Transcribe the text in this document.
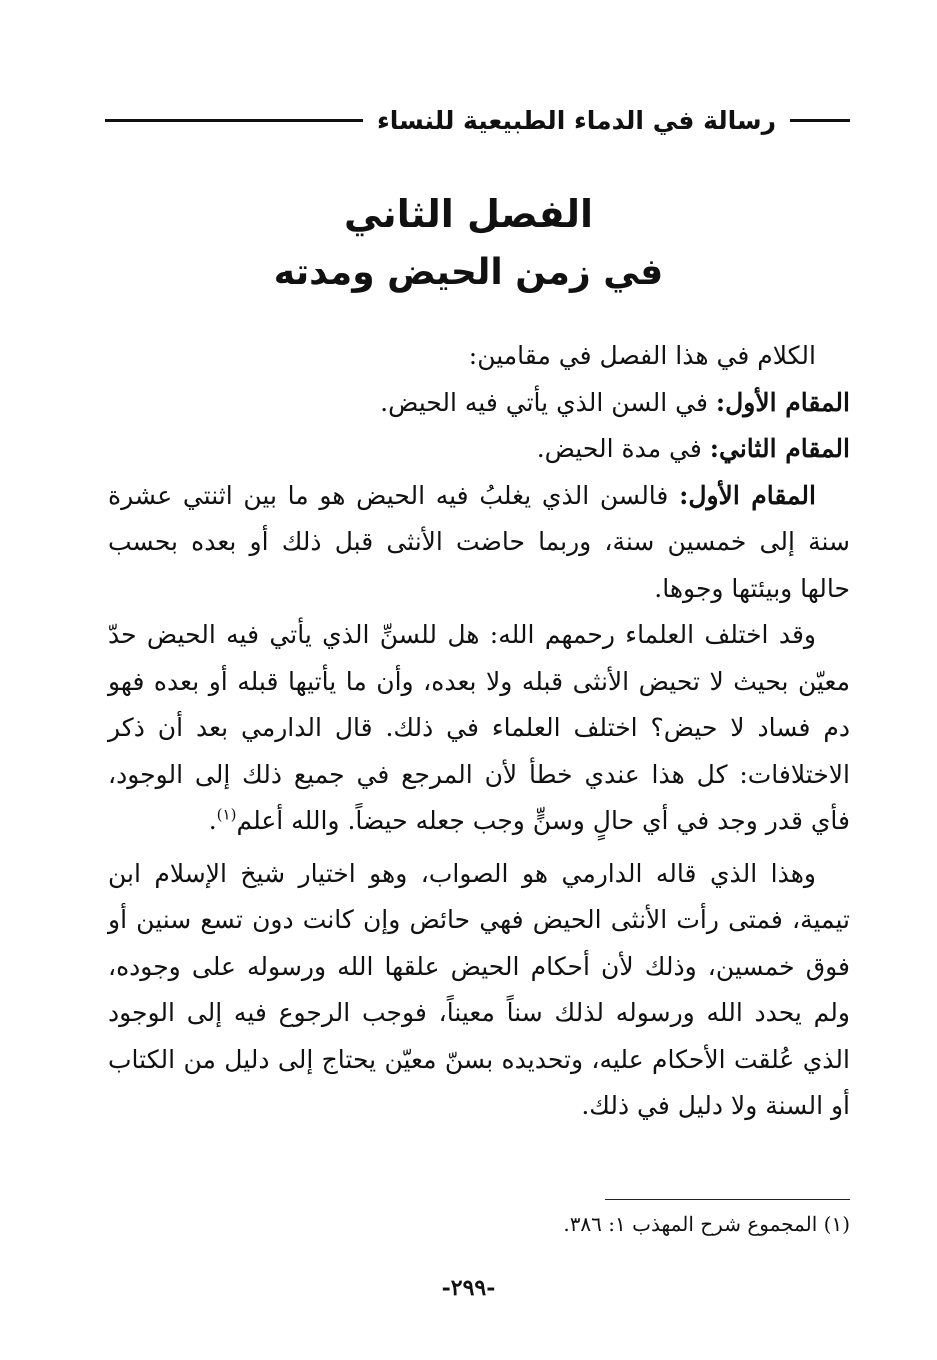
رسالة في الدماء الطبيعية للنساء
الفصل الثاني
في زمن الحيض ومدته

الكلام في هذا الفصل في مقامين:

المقام الأول: في السن الذي يأتي فيه الحيض.

المقام الثاني: في مدة الحيض.

المقام الأول: فالسن الذي يغلبُ فيه الحيض هو ما بين اثنتي عشرة سنة إلى خمسين سنة، وربما حاضت الأنثى قبل ذلك أو بعده بحسب حالها وبيئتها وجوها.

وقد اختلف العلماء رحمهم الله: هل للسنِّ الذي يأتي فيه الحيض حدّ معيّن بحيث لا تحيض الأنثى قبله ولا بعده، وأن ما يأتيها قبله أو بعده فهو دم فساد لا حيض؟ اختلف العلماء في ذلك. قال الدارمي بعد أن ذكر الاختلافات: كل هذا عندي خطأ لأن المرجع في جميع ذلك إلى الوجود، فأي قدر وجد في أي حالٍ وسنٍّ وجب جعله حيضاً. والله أعلم$^{(١)}$.

وهذا الذي قاله الدارمي هو الصواب، وهو اختيار شيخ الإسلام ابن تيمية، فمتى رأت الأنثى الحيض فهي حائض وإن كانت دون تسع سنين أو فوق خمسين، وذلك لأن أحكام الحيض علقها الله ورسوله على وجوده، ولم يحدد الله ورسوله لذلك سناً معيناً، فوجب الرجوع فيه إلى الوجود الذي عُلقت الأحكام عليه، وتحديده بسنّ معيّن يحتاج إلى دليل من الكتاب أو السنة ولا دليل في ذلك.

(١) المجموع شرح المهذب ١: ٣٨٦.
-٢٩٩-
